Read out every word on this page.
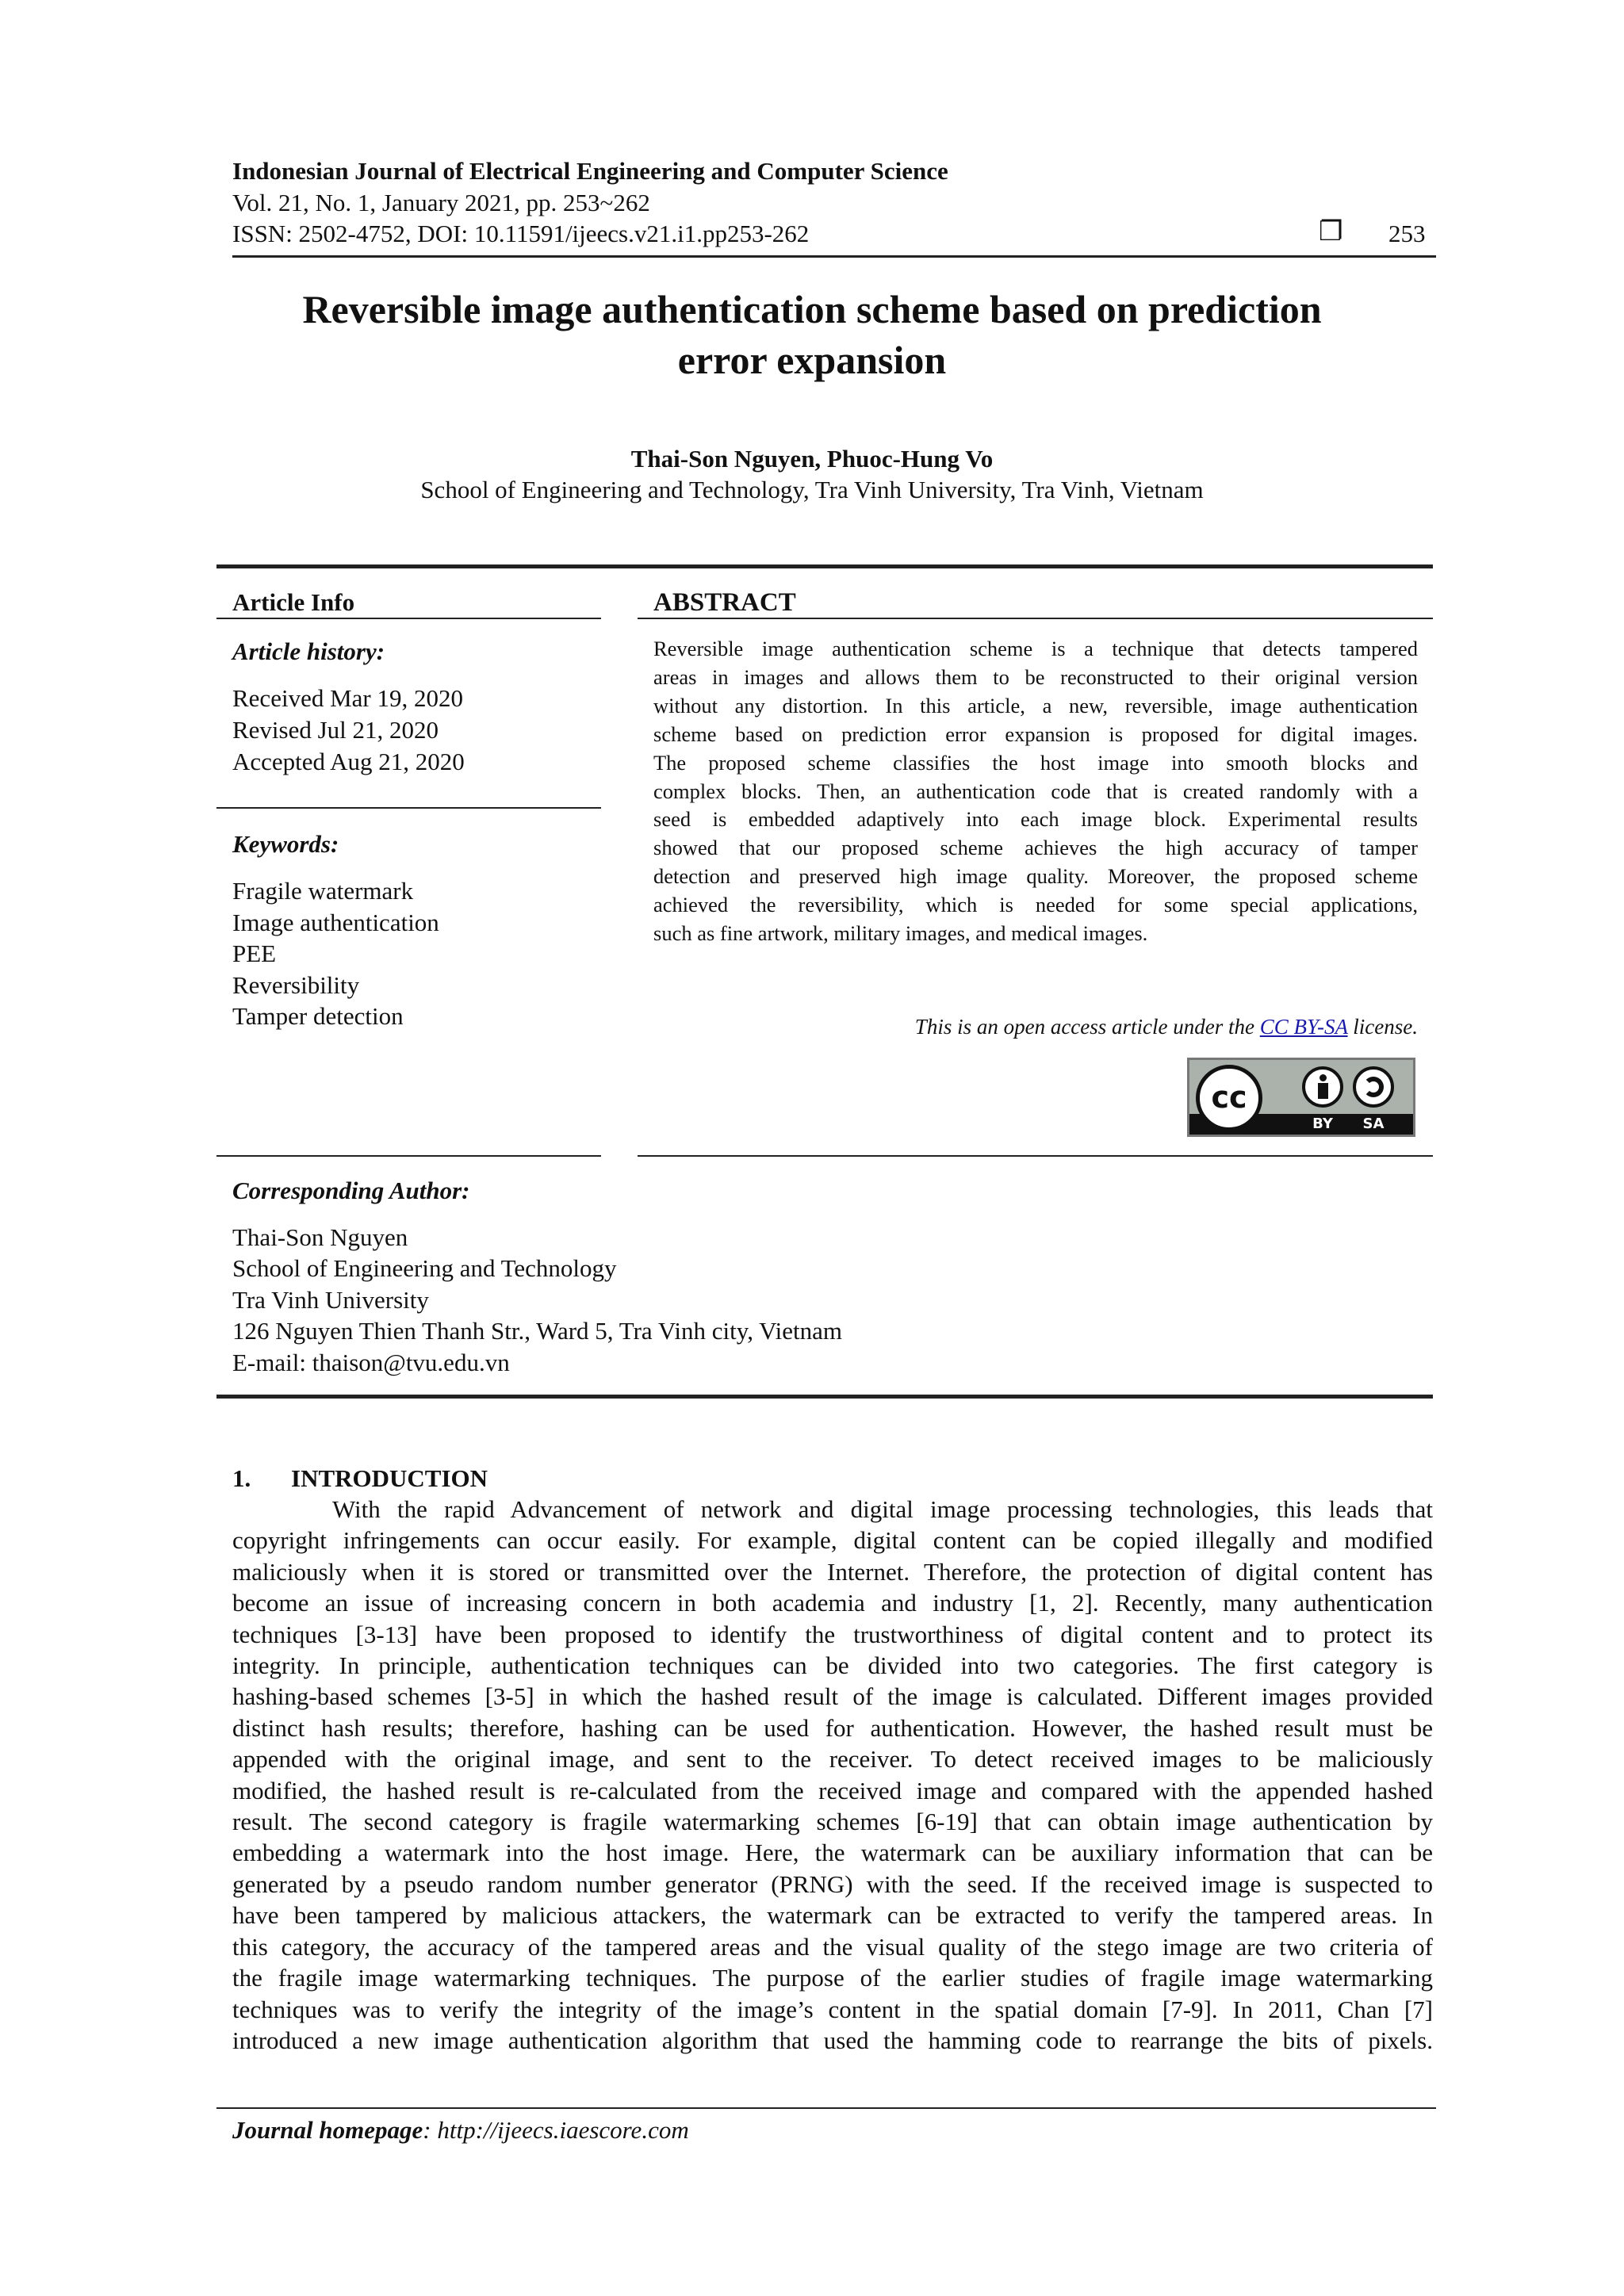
Indonesian Journal of Electrical Engineering and Computer Science
Vol. 21, No. 1, January 2021, pp. 253~262
ISSN: 2502-4752, DOI: 10.11591/ijeecs.v21.i1.pp253-262	❐ 253
Reversible image authentication scheme based on prediction
error expansion
Thai-Son Nguyen, Phuoc-Hung Vo
School of Engineering and Technology, Tra Vinh University, Tra Vinh, Vietnam
Article Info
Article history:
Received Mar 19, 2020
Revised Jul 21, 2020
Accepted Aug 21, 2020
Keywords:
Fragile watermark
Image authentication
PEE
Reversibility
Tamper detection
ABSTRACT
Reversible image authentication scheme is a technique that detects tampered
areas in images and allows them to be reconstructed to their original version
without any distortion. In this article, a new, reversible, image authentication
scheme based on prediction error expansion is proposed for digital images.
The proposed scheme classifies the host image into smooth blocks and
complex blocks. Then, an authentication code that is created randomly with a
seed is embedded adaptively into each image block. Experimental results
showed that our proposed scheme achieves the high accuracy of tamper
detection and preserved high image quality. Moreover, the proposed scheme
achieved the reversibility, which is needed for some special applications,
such as fine artwork, military images, and medical images.
This is an open access article under the CC BY-SA license.
cc
BY	SA
Corresponding Author:
Thai-Son Nguyen
School of Engineering and Technology
Tra Vinh University
126 Nguyen Thien Thanh Str., Ward 5, Tra Vinh city, Vietnam
E-mail: thaison@tvu.edu.vn
1. INTRODUCTION
With the rapid Advancement of network and digital image processing technologies, this leads that
copyright infringements can occur easily. For example, digital content can be copied illegally and modified
maliciously when it is stored or transmitted over the Internet. Therefore, the protection of digital content has
become an issue of increasing concern in both academia and industry [1, 2]. Recently, many authentication
techniques [3-13] have been proposed to identify the trustworthiness of digital content and to protect its
integrity. In principle, authentication techniques can be divided into two categories. The first category is
hashing-based schemes [3-5] in which the hashed result of the image is calculated. Different images provided
distinct hash results; therefore, hashing can be used for authentication. However, the hashed result must be
appended with the original image, and sent to the receiver. To detect received images to be maliciously
modified, the hashed result is re-calculated from the received image and compared with the appended hashed
result. The second category is fragile watermarking schemes [6-19] that can obtain image authentication by
embedding a watermark into the host image. Here, the watermark can be auxiliary information that can be
generated by a pseudo random number generator (PRNG) with the seed. If the received image is suspected to
have been tampered by malicious attackers, the watermark can be extracted to verify the tampered areas. In
this category, the accuracy of the tampered areas and the visual quality of the stego image are two criteria of
the fragile image watermarking techniques. The purpose of the earlier studies of fragile image watermarking
techniques was to verify the integrity of the image’s content in the spatial domain [7-9]. In 2011, Chan [7]
introduced a new image authentication algorithm that used the hamming code to rearrange the bits of pixels.
Journal homepage: http://ijeecs.iaescore.com
